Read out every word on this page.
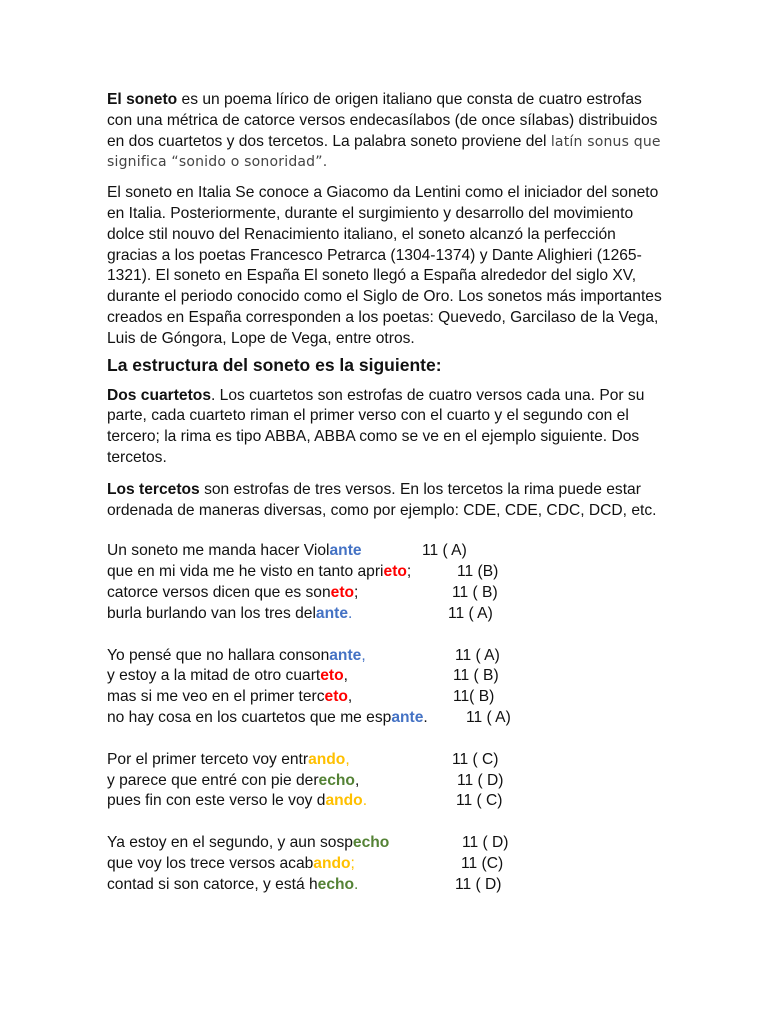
El soneto es un poema lírico de origen italiano que consta de cuatro estrofas con una métrica de catorce versos endecasílabos (de once sílabas) distribuidos en dos cuartetos y dos tercetos. La palabra soneto proviene del latín sonus que significa “sonido o sonoridad”.

El soneto en Italia Se conoce a Giacomo da Lentini como el iniciador del soneto en Italia. Posteriormente, durante el surgimiento y desarrollo del movimiento dolce stil nouvo del Renacimiento italiano, el soneto alcanzó la perfección gracias a los poetas Francesco Petrarca (1304-1374) y Dante Alighieri (1265- 1321). El soneto en España El soneto llegó a España alrededor del siglo XV, durante el periodo conocido como el Siglo de Oro. Los sonetos más importantes creados en España corresponden a los poetas: Quevedo, Garcilaso de la Vega, Luis de Góngora, Lope de Vega, entre otros.

La estructura del soneto es la siguiente:

Dos cuartetos. Los cuartetos son estrofas de cuatro versos cada una. Por su parte, cada cuarteto riman el primer verso con el cuarto y el segundo con el tercero; la rima es tipo ABBA, ABBA como se ve en el ejemplo siguiente. Dos tercetos.

Los tercetos son estrofas de tres versos. En los tercetos la rima puede estar ordenada de maneras diversas, como por ejemplo: CDE, CDE, CDC, DCD, etc.

Un soneto me manda hacer Violante	11 ( A)
que en mi vida me he visto en tanto aprieto;	11 (B)
catorce versos dicen que es soneto;	11 ( B)
burla burlando van los tres delante.	11 ( A)
Yo pensé que no hallara consonante,	11 ( A)
y estoy a la mitad de otro cuarteto,	11 ( B)
mas si me veo en el primer terceto,	11( B)
no hay cosa en los cuartetos que me espante. 11 ( A)
Por el primer terceto voy entrando,	11 ( C)
y parece que entré con pie derecho,	11 ( D)
pues fin con este verso le voy dando.	11 ( C)
Ya estoy en el segundo, y aun sospecho	11 ( D)
que voy los trece versos acabando;	11 (C)
contad si son catorce, y está hecho.	11 ( D)
